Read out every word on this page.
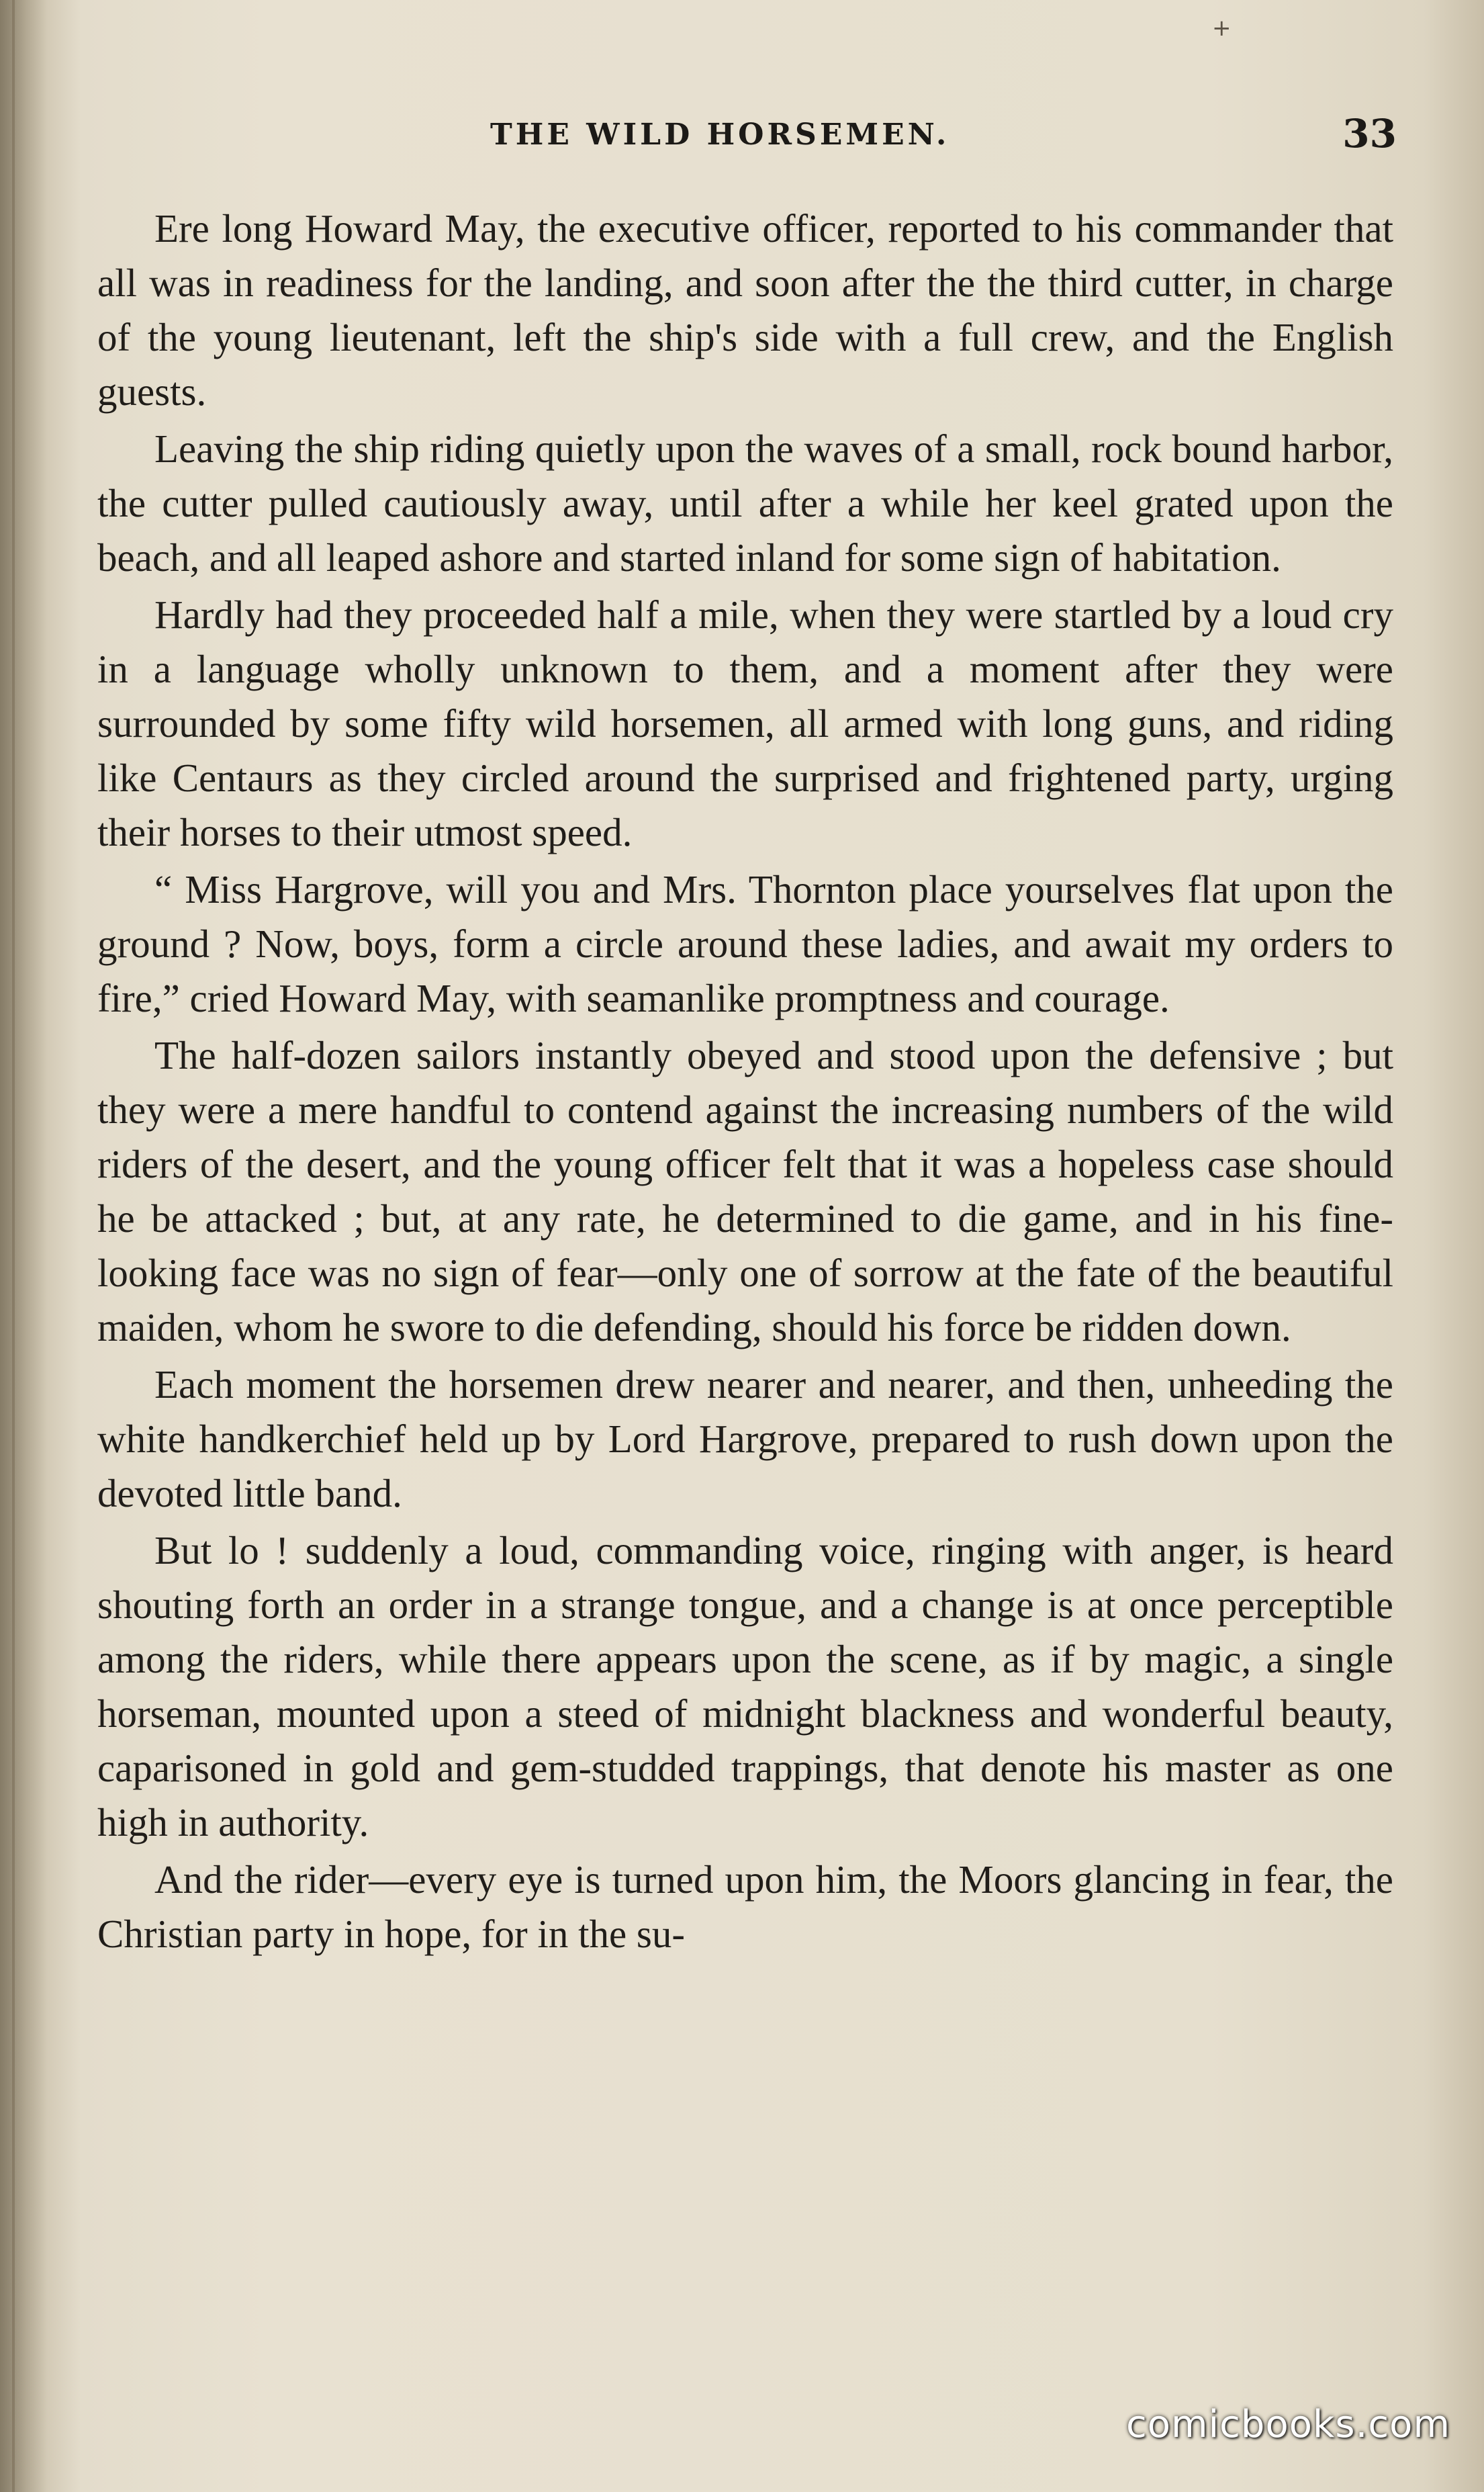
+
THE WILD HORSEMEN.	33

Ere long Howard May, the executive officer, reported to his commander that all was in readiness for the landing, and soon after the the third cutter, in charge of the young lieutenant, left the ship's side with a full crew, and the English guests.

Leaving the ship riding quietly upon the waves of a small, rock bound harbor, the cutter pulled cautiously away, until after a while her keel grated upon the beach, and all leaped ashore and started inland for some sign of habitation.

Hardly had they proceeded half a mile, when they were startled by a loud cry in a language wholly unknown to them, and a moment after they were surrounded by some fifty wild horsemen, all armed with long guns, and riding like Centaurs as they circled around the surprised and frightened party, urging their horses to their utmost speed.

“ Miss Hargrove, will you and Mrs. Thornton place yourselves flat upon the ground ? Now, boys, form a circle around these ladies, and await my orders to fire,” cried Howard May, with seamanlike promptness and courage.

The half-dozen sailors instantly obeyed and stood upon the defensive ; but they were a mere handful to contend against the increasing numbers of the wild riders of the desert, and the young officer felt that it was a hopeless case should he be attacked ; but, at any rate, he determined to die game, and in his fine-looking face was no sign of fear—only one of sorrow at the fate of the beautiful maiden, whom he swore to die defending, should his force be ridden down.

Each moment the horsemen drew nearer and nearer, and then, unheeding the white handkerchief held up by Lord Hargrove, prepared to rush down upon the devoted little band.

But lo ! suddenly a loud, commanding voice, ringing with anger, is heard shouting forth an order in a strange tongue, and a change is at once perceptible among the riders, while there appears upon the scene, as if by magic, a single horseman, mounted upon a steed of midnight blackness and wonderful beauty, caparisoned in gold and gem-studded trappings, that denote his master as one high in authority.

And the rider—every eye is turned upon him, the Moors glancing in fear, the Christian party in hope, for in the su-

comicbooks.com
